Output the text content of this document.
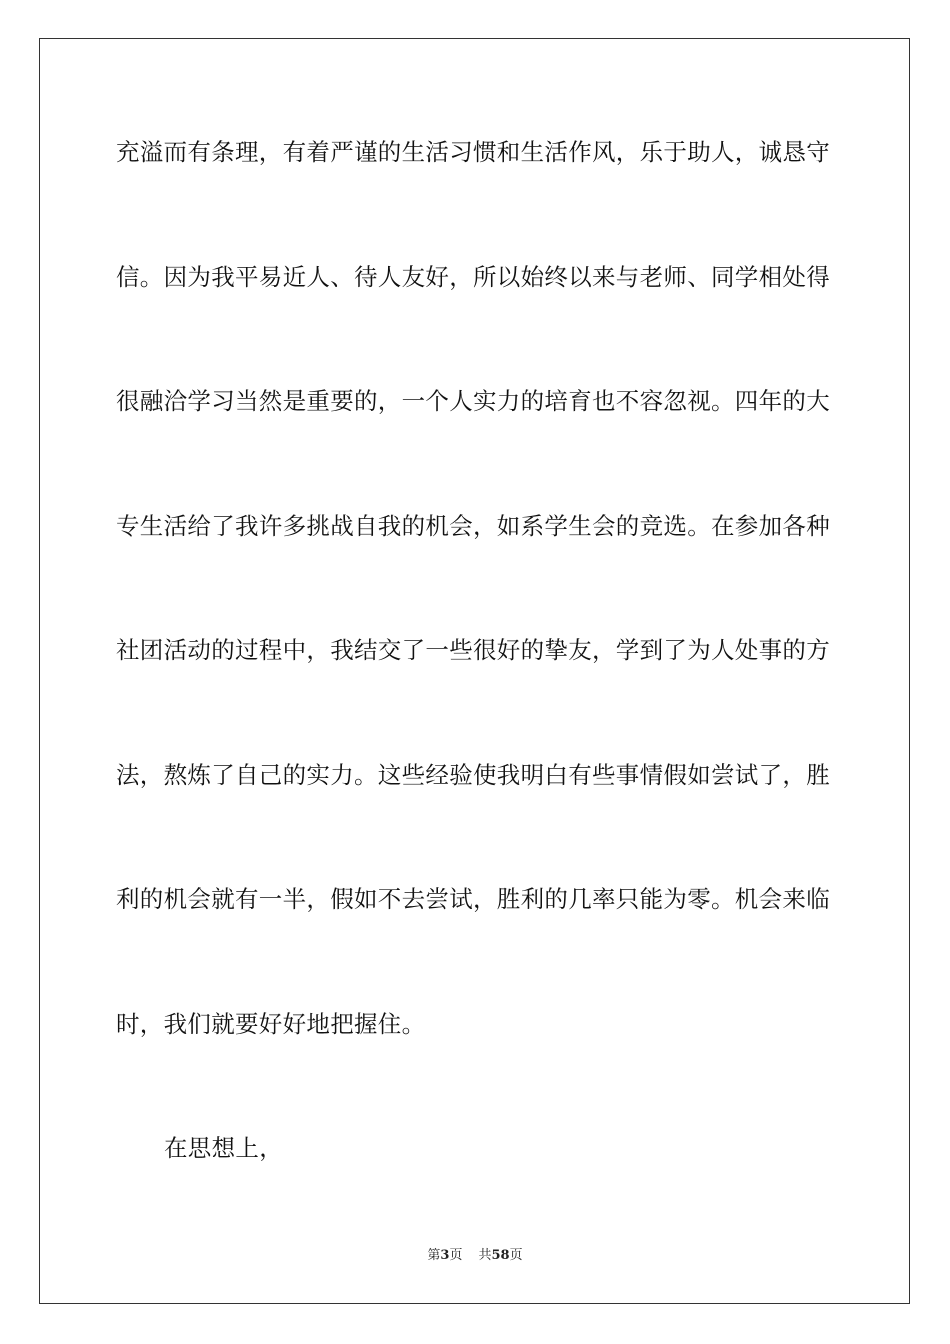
充溢而有条理，有着严谨的生活习惯和生活作风，乐于助人，诚恳守
信。因为我平易近人、待人友好，所以始终以来与老师、同学相处得
很融洽学习当然是重要的，一个人实力的培育也不容忽视。四年的大
专生活给了我许多挑战自我的机会，如系学生会的竞选。在参加各种
社团活动的过程中，我结交了一些很好的挚友，学到了为人处事的方
法，熬炼了自己的实力。这些经验使我明白有些事情假如尝试了，胜
利的机会就有一半，假如不去尝试，胜利的几率只能为零。机会来临
时，我们就要好好地把握住。
在思想上，
第3页 共58页
